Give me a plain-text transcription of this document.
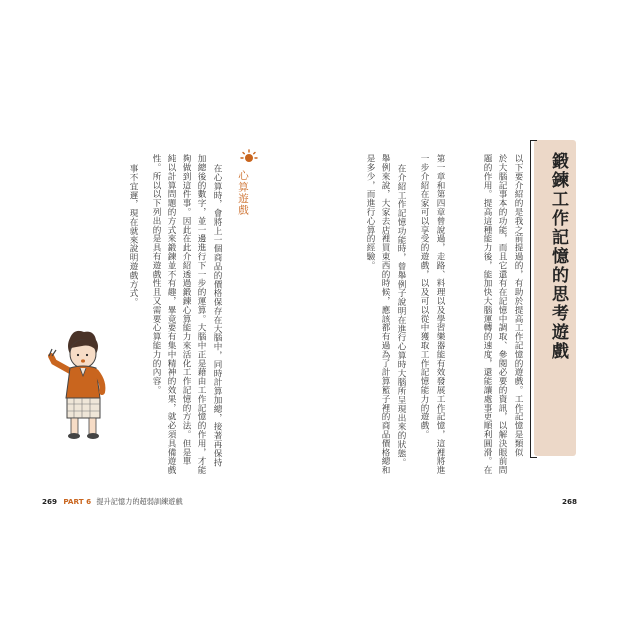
鍛鍊工作記憶的思考遊戲
以下要介紹的是我之前提過的，有助於提高工作記憶的遊戲。工作記憶是類似
於大腦記事本的功能，而且它還有在記憶中調取、參閱必要的資訊，以解決眼前問
題的作用。提高這種能力後，能加快大腦運轉的速度，還能讓處事更順利圓滑。在
第一章和第四章曾說過，走路、料理以及學習樂器能有效發展工作記憶，這裡將進
一步介紹在家可以享受的遊戲，以及可以從中獲取工作記憶能力的遊戲。
在介紹工作記憶功能時，曾舉例子說明在進行心算時大腦所呈現出來的狀態。
舉例來說，大家去店裡買東西的時候，應該都有過為了計算籃子裡的商品價格總和
是多少，而進行心算的經驗。
心算遊戲
在心算時，會將上一個商品的價格保存在大腦中，同時計算加總，接著再保持
加總後的數字，並一邊進行下一步的運算。大腦中正是藉由工作記憶的作用，才能
夠做到這件事。因此在此介紹透過鍛鍊心算能力來活化工作記憶的方法。但是單
純以計算問題的方式來鍛鍊並不有趣，畢竟要有集中精神的效果，就必須具備遊戲
性。所以以下列出的是具有遊戲性且又需要心算能力的內容。
事不宜遲，現在就來說明遊戲方式。
269 PART 6 提升記憶力的超弱訓練遊戲	268
